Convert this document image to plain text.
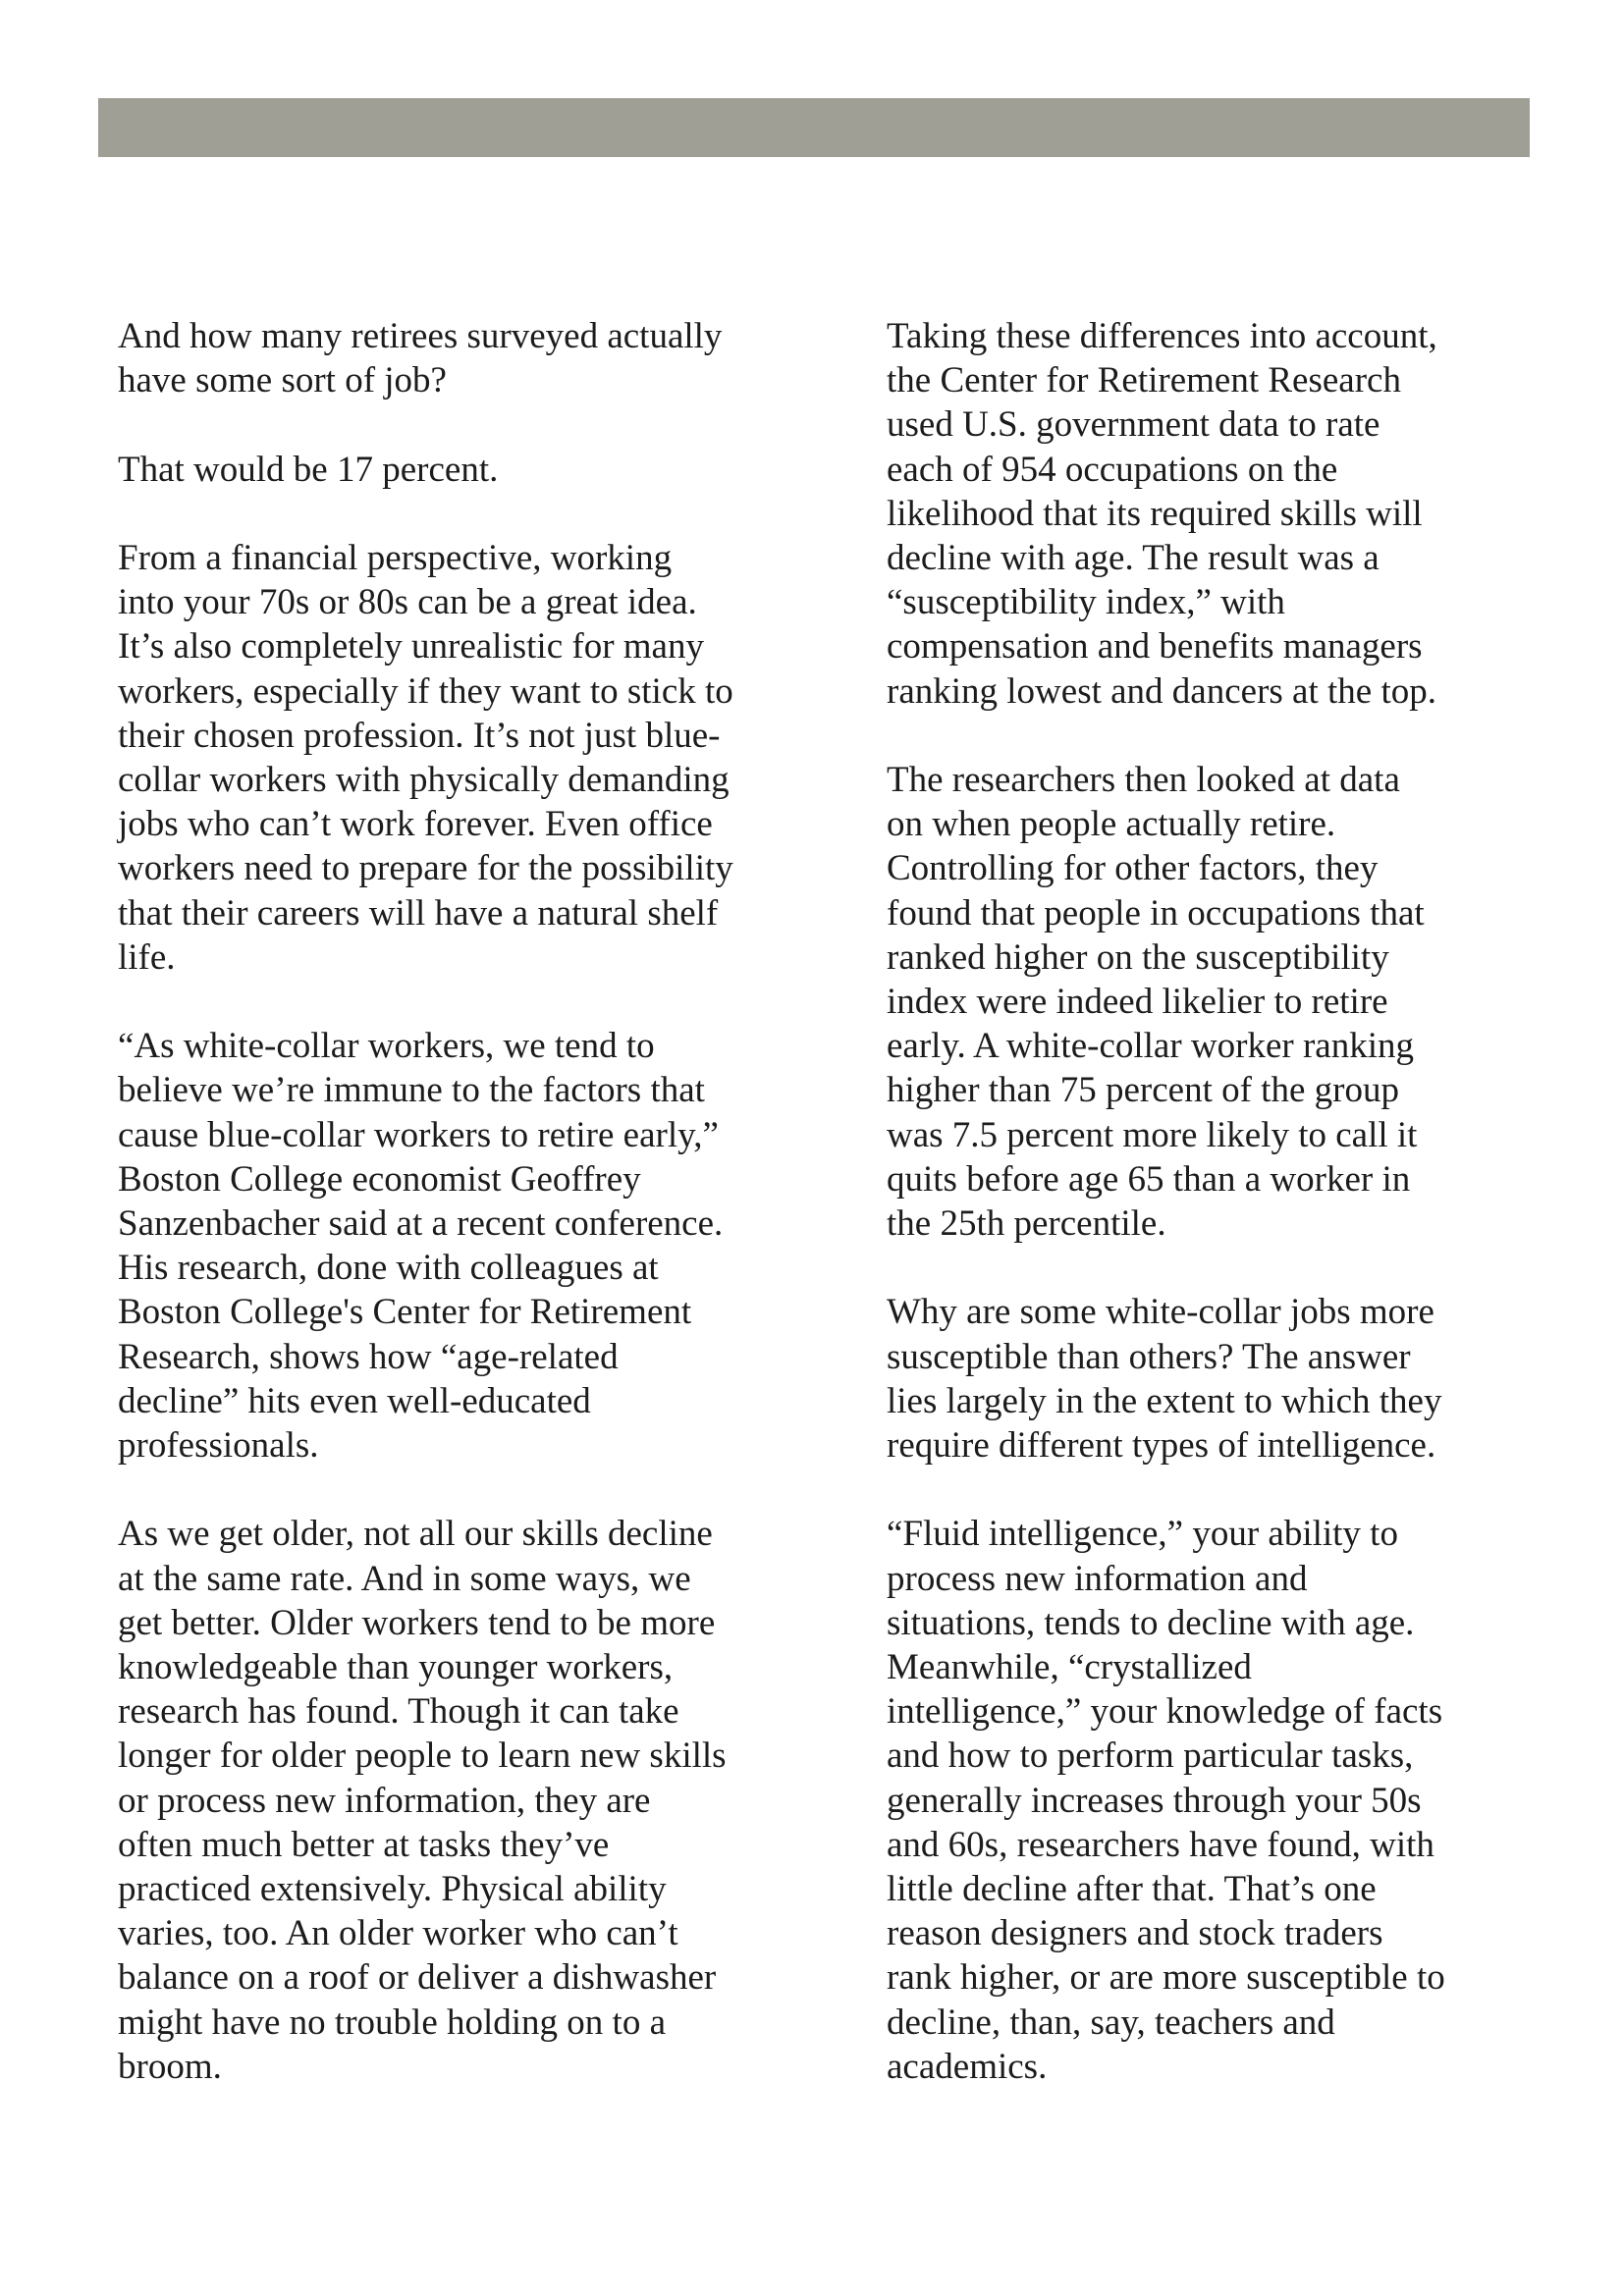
And how many retirees surveyed actually
have some sort of job?

That would be 17 percent.

From a financial perspective, working
into your 70s or 80s can be a great idea.
It’s also completely unrealistic for many
workers, especially if they want to stick to
their chosen profession. It’s not just blue-
collar workers with physically demanding
jobs who can’t work forever. Even office
workers need to prepare for the possibility
that their careers will have a natural shelf
life.

“As white-collar workers, we tend to
believe we’re immune to the factors that
cause blue-collar workers to retire early,”
Boston College economist Geoffrey
Sanzenbacher said at a recent conference.
His research, done with colleagues at
Boston College's Center for Retirement
Research, shows how “age-related
decline” hits even well-educated
professionals.

As we get older, not all our skills decline
at the same rate. And in some ways, we
get better. Older workers tend to be more
knowledgeable than younger workers,
research has found. Though it can take
longer for older people to learn new skills
or process new information, they are
often much better at tasks they’ve
practiced extensively. Physical ability
varies, too. An older worker who can’t
balance on a roof or deliver a dishwasher
might have no trouble holding on to a
broom.

Taking these differences into account,
the Center for Retirement Research
used U.S. government data to rate
each of 954 occupations on the
likelihood that its required skills will
decline with age. The result was a
“susceptibility index,” with
compensation and benefits managers
ranking lowest and dancers at the top.

The researchers then looked at data
on when people actually retire.
Controlling for other factors, they
found that people in occupations that
ranked higher on the susceptibility
index were indeed likelier to retire
early. A white-collar worker ranking
higher than 75 percent of the group
was 7.5 percent more likely to call it
quits before age 65 than a worker in
the 25th percentile.

Why are some white-collar jobs more
susceptible than others? The answer
lies largely in the extent to which they
require different types of intelligence.

“Fluid intelligence,” your ability to
process new information and
situations, tends to decline with age.
Meanwhile, “crystallized
intelligence,” your knowledge of facts
and how to perform particular tasks,
generally increases through your 50s
and 60s, researchers have found, with
little decline after that. That’s one
reason designers and stock traders
rank higher, or are more susceptible to
decline, than, say, teachers and
academics.
